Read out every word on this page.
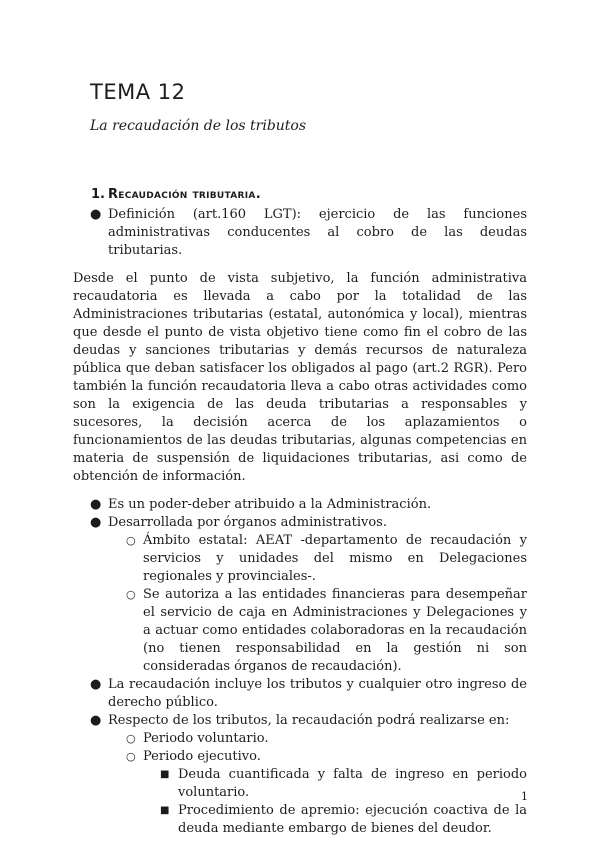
TEMA 12
La recaudación de los tributos
1. Recaudación tributaria.
● Definición (art.160 LGT): ejercicio de las funciones administrativas conducentes al cobro de las deudas tributarias.

Desde el punto de vista subjetivo, la función administrativa recaudatoria es llevada a cabo por la totalidad de las Administraciones tributarias (estatal, autonómica y local), mientras que desde el punto de vista objetivo tiene como fin el cobro de las deudas y sanciones tributarias y demás recursos de naturaleza pública que deban satisfacer los obligados al pago (art.2 RGR). Pero también la función recaudatoria lleva a cabo otras actividades como son la exigencia de las deuda tributarias a responsables y sucesores, la decisión acerca de los aplazamientos o funcionamientos de las deudas tributarias, algunas competencias en materia de suspensión de liquidaciones tributarias, asi como de obtención de información.

● Es un poder-deber atribuido a la Administración.
● Desarrollada por órganos administrativos.
○ Ámbito estatal: AEAT -departamento de recaudación y servicios y unidades del mismo en Delegaciones regionales y provinciales-.
○ Se autoriza a las entidades financieras para desempeñar el servicio de caja en Administraciones y Delegaciones y a actuar como entidades colaboradoras en la recaudación (no tienen responsabilidad en la gestión ni son consideradas órganos de recaudación).
● La recaudación incluye los tributos y cualquier otro ingreso de derecho público.
● Respecto de los tributos, la recaudación podrá realizarse en:
○ Periodo voluntario.
○ Periodo ejecutivo.
■ Deuda cuantificada y falta de ingreso en periodo voluntario.
■ Procedimiento de apremio: ejecución coactiva de la deuda mediante embargo de bienes del deudor.
1
